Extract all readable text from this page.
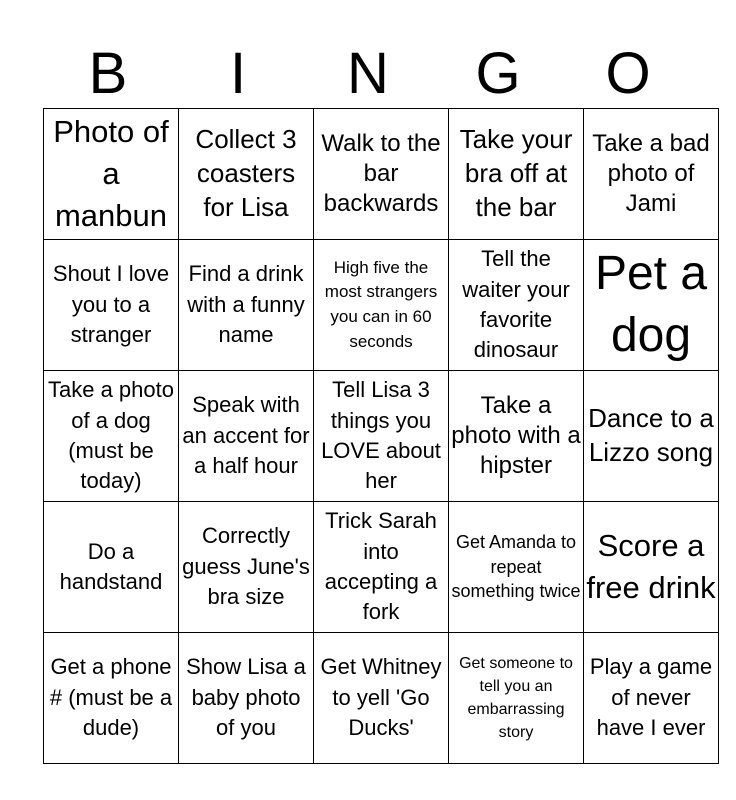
B	I	N	G	O
Photo of a manbun	Collect 3 coasters for Lisa	Walk to the bar backwards	Take your bra off at the bar	Take a bad photo of Jami
Shout I love you to a stranger	Find a drink with a funny name	High five the most strangers you can in 60 seconds	Tell the waiter your favorite dinosaur	Pet a dog
Take a photo of a dog (must be today)	Speak with an accent for a half hour	Tell Lisa 3 things you LOVE about her	Take a photo with a hipster	Dance to a Lizzo song
Do a handstand	Correctly guess June's bra size	Trick Sarah into accepting a fork	Get Amanda to repeat something twice	Score a free drink
Get a phone # (must be a dude)	Show Lisa a baby photo of you	Get Whitney to yell 'Go Ducks'	Get someone to tell you an embarrassing story	Play a game of never have I ever
